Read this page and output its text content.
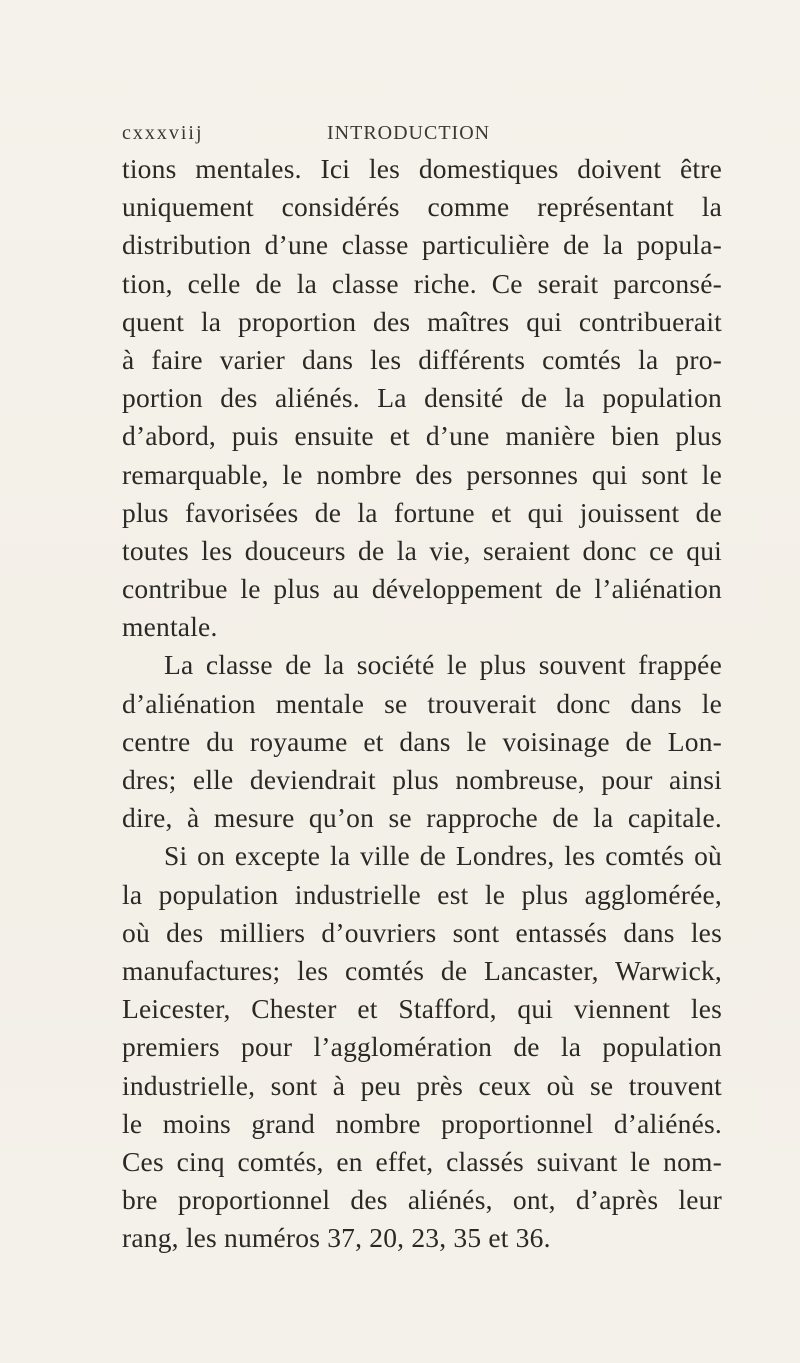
cxxxviij	INTRODUCTION
tions mentales. Ici les domestiques doivent être
uniquement considérés comme représentant la
distribution d’une classe particulière de la popula-
tion, celle de la classe riche. Ce serait parconsé-
quent la proportion des maîtres qui contribuerait
à faire varier dans les différents comtés la pro-
portion des aliénés. La densité de la population
d’abord, puis ensuite et d’une manière bien plus
remarquable, le nombre des personnes qui sont le
plus favorisées de la fortune et qui jouissent de
toutes les douceurs de la vie, seraient donc ce qui
contribue le plus au développement de l’aliénation
mentale.
La classe de la société le plus souvent frappée
d’aliénation mentale se trouverait donc dans le
centre du royaume et dans le voisinage de Lon-
dres; elle deviendrait plus nombreuse, pour ainsi
dire, à mesure qu’on se rapproche de la capitale.
Si on excepte la ville de Londres, les comtés où
la population industrielle est le plus agglomérée,
où des milliers d’ouvriers sont entassés dans les
manufactures; les comtés de Lancaster, Warwick,
Leicester, Chester et Stafford, qui viennent les
premiers pour l’agglomération de la population
industrielle, sont à peu près ceux où se trouvent
le moins grand nombre proportionnel d’aliénés.
Ces cinq comtés, en effet, classés suivant le nom-
bre proportionnel des aliénés, ont, d’après leur
rang, les numéros 37, 20, 23, 35 et 36.
